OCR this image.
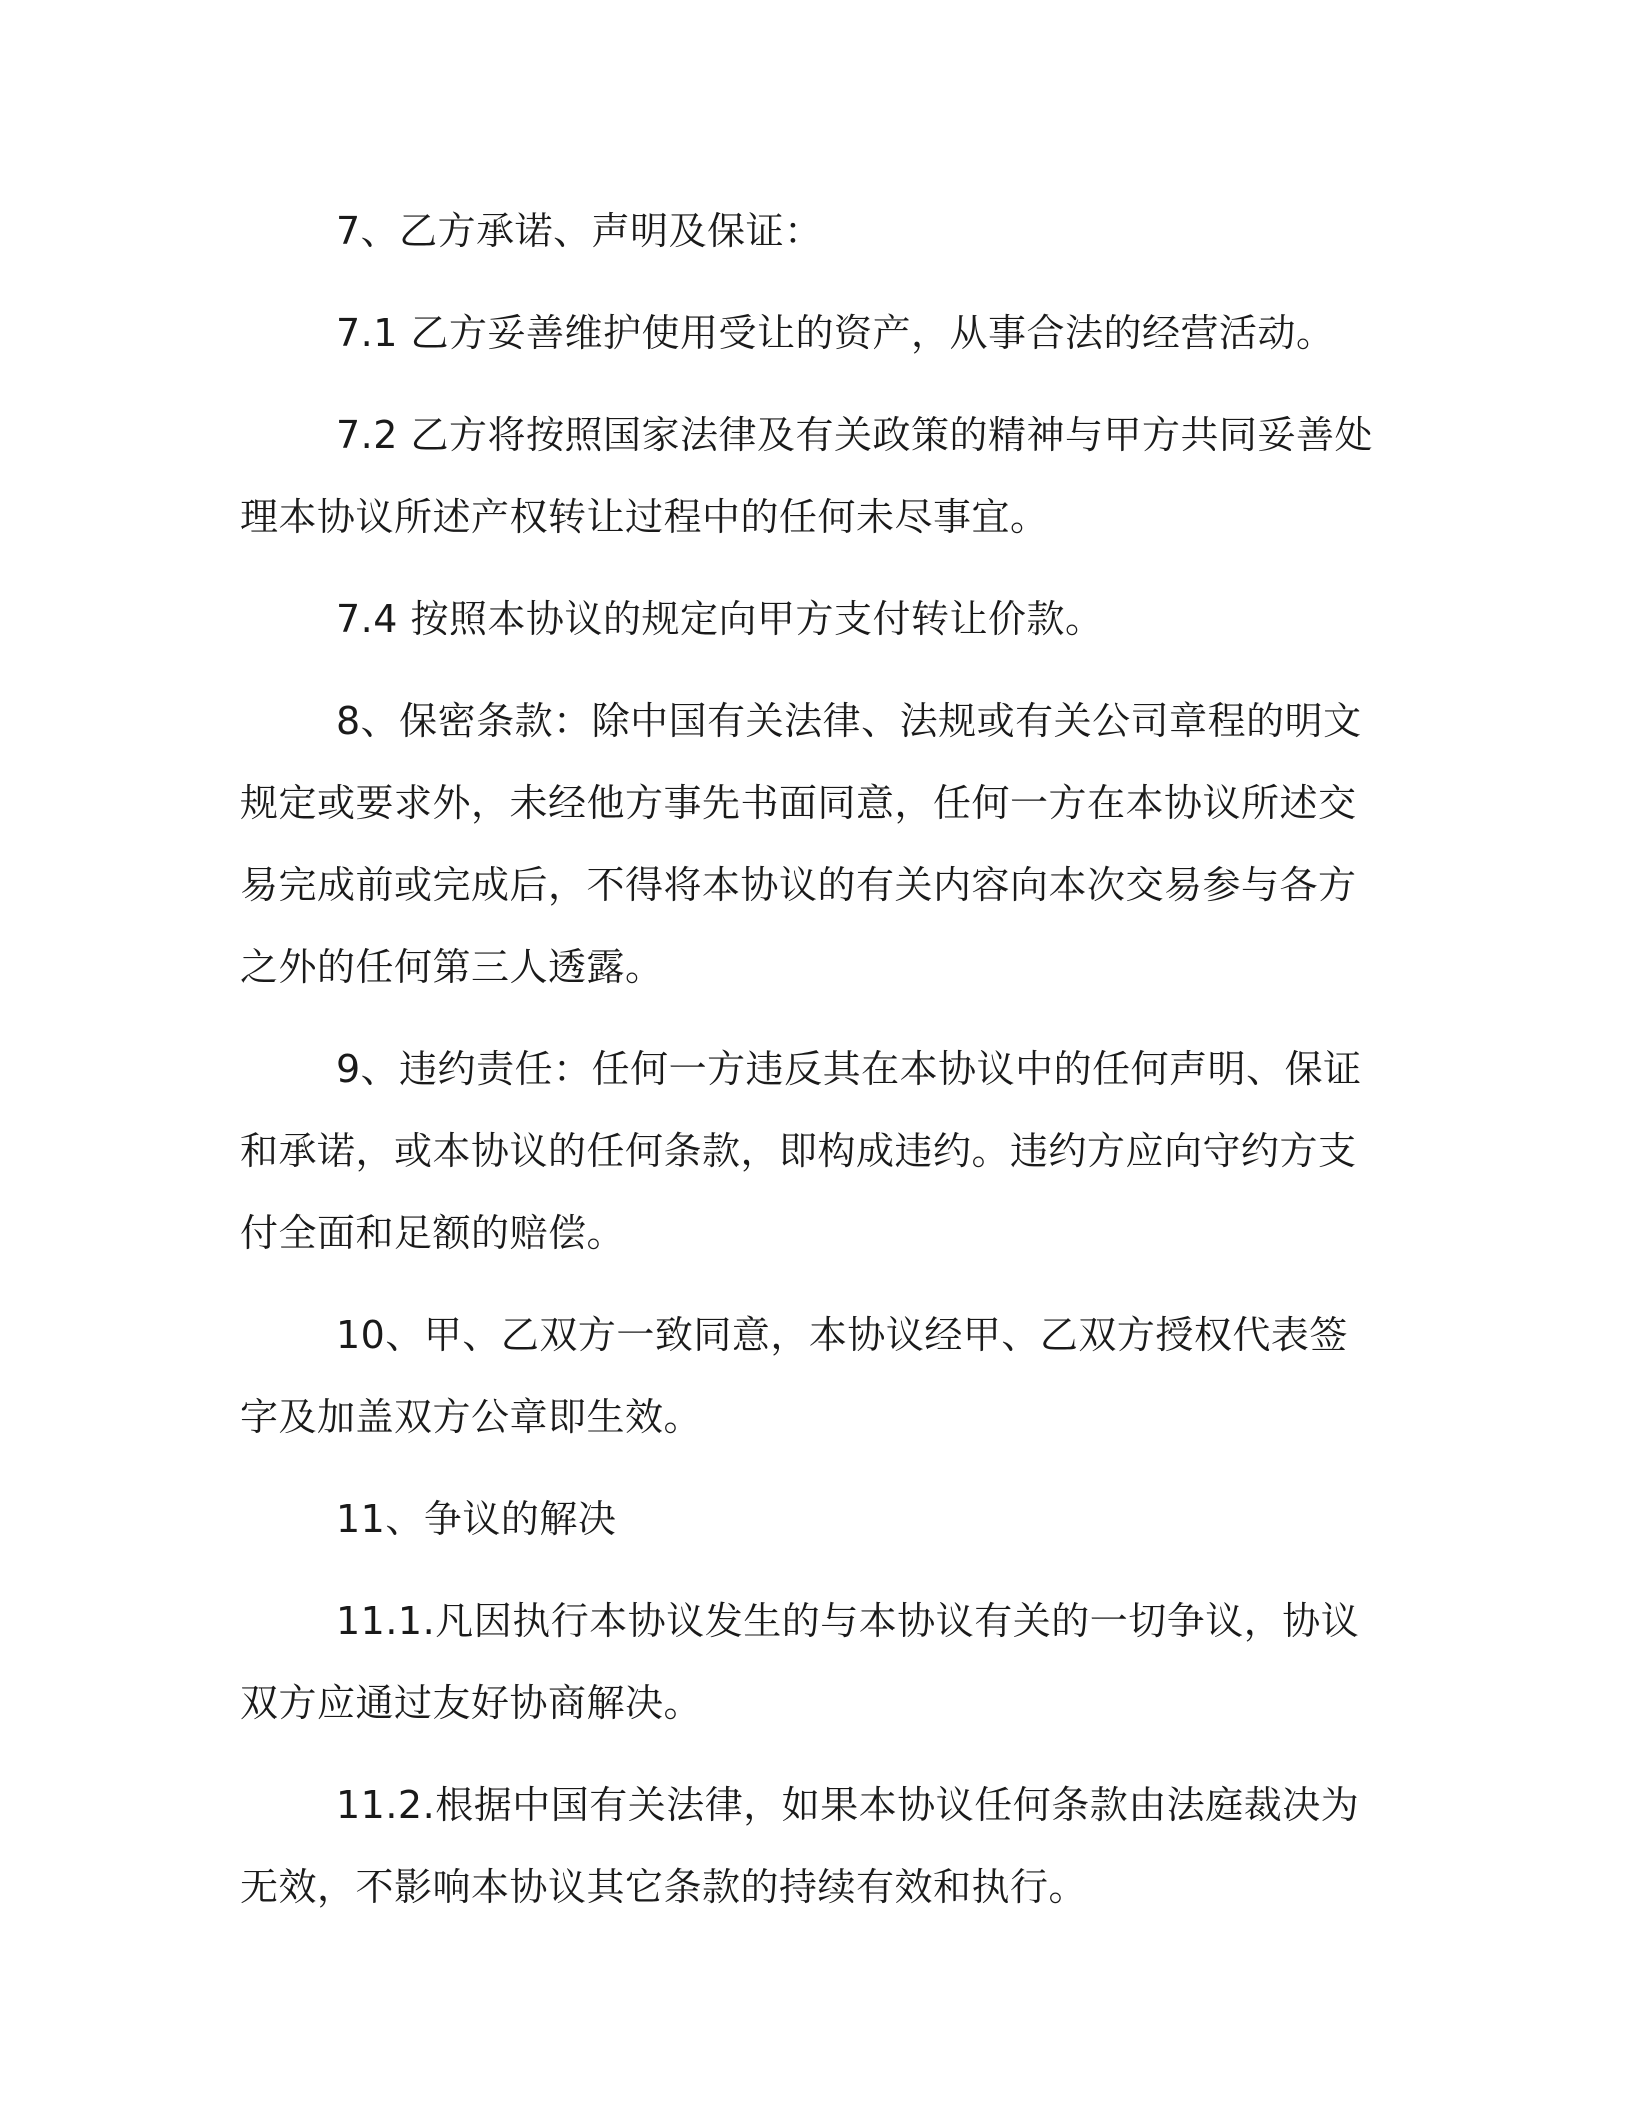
7、乙方承诺、声明及保证：

7.1 乙方妥善维护使用受让的资产，从事合法的经营活动。

7.2 乙方将按照国家法律及有关政策的精神与甲方共同妥善处理本协议所述产权转让过程中的任何未尽事宜。

7.4 按照本协议的规定向甲方支付转让价款。

8、保密条款：除中国有关法律、法规或有关公司章程的明文规定或要求外，未经他方事先书面同意，任何一方在本协议所述交易完成前或完成后，不得将本协议的有关内容向本次交易参与各方之外的任何第三人透露。

9、违约责任：任何一方违反其在本协议中的任何声明、保证和承诺，或本协议的任何条款，即构成违约。违约方应向守约方支付全面和足额的赔偿。

10、甲、乙双方一致同意，本协议经甲、乙双方授权代表签字及加盖双方公章即生效。

11、争议的解决

11.1.凡因执行本协议发生的与本协议有关的一切争议，协议双方应通过友好协商解决。

11.2.根据中国有关法律，如果本协议任何条款由法庭裁决为无效，不影响本协议其它条款的持续有效和执行。
